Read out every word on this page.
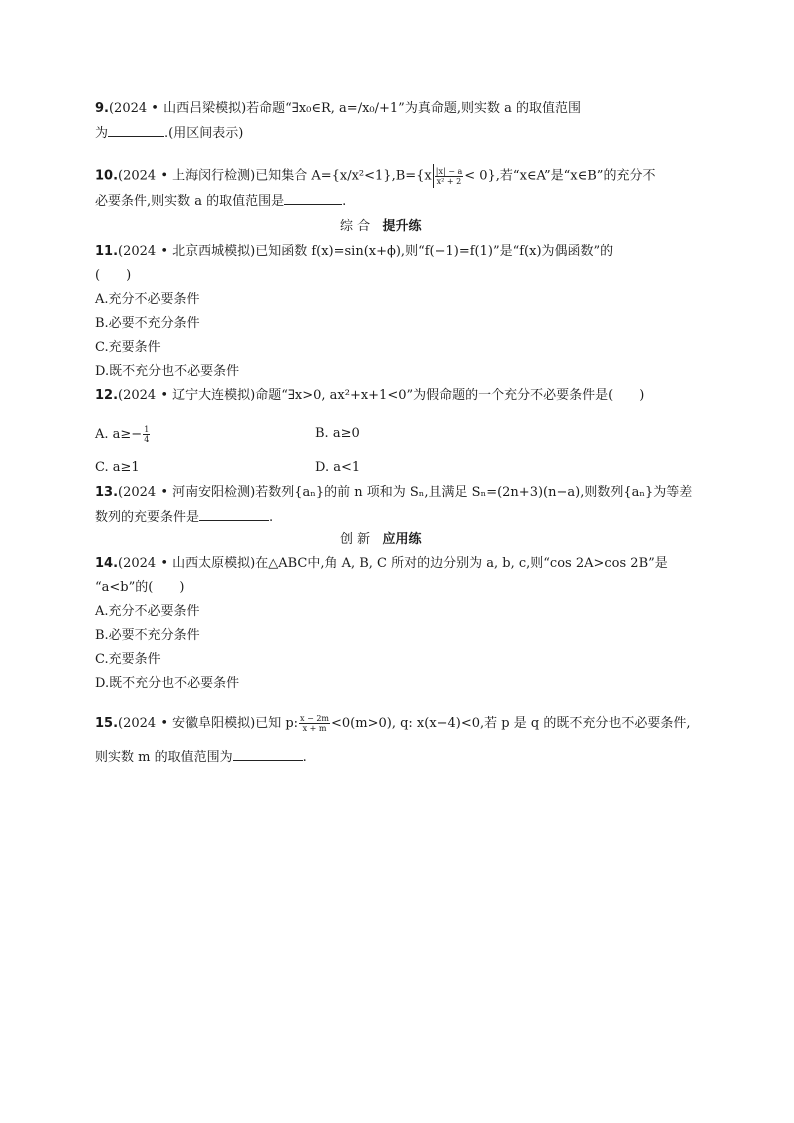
9.(2024 • 山西吕梁模拟)若命题“∃x₀∈R, a=/x₀/+1”为真命题,则实数 a 的取值范围
为	.(用区间表示)
10.(2024 • 上海闵行检测)已知集合 $A=\{x/x^2<1\},B=\{x \frac{|x| - a}{\text{x² + 2}} < 0\}$,若“x∈A”是“x∈B”的充分不
必要条件,则实数 a 的取值范围是	.
综 合 提升练
11.(2024 • 北京西城模拟)已知函数 f(x)=sin(x+ϕ),则“f(−1)=f(1)”是“f(x)为偶函数”的
(　　)
A.充分不必要条件
B.必要不充分条件
C.充要条件
D.既不充分也不必要条件
12.(2024 • 辽宁大连模拟)命题“∃x>0, ax²+x+1<0”为假命题的一个充分不必要条件是(　　)
A. $a\ge- \frac{1}{4}$	B. a≥0
C. a≥1	D. a<1
13.(2024 • 河南安阳检测)若数列{aₙ}的前 n 项和为 Sₙ,且满足 Sₙ=(2n+3)(n−a),则数列{aₙ}为等差
数列的充要条件是	.
创 新 应用练
14.(2024 • 山西太原模拟)在△ABC中,角 A, B, C 所对的边分别为 a, b, c,则“cos 2A>cos 2B”是
“a<b”的(　　)
A.充分不必要条件
B.必要不充分条件
C.充要条件
D.既不充分也不必要条件
15.(2024 • 安徽阜阳模拟)已知 p: $\frac{x - 2m}{x + m} <0(m>0)$, q: x(x−4)<0,若 p 是 q 的既不充分也不必要条件,
则实数 m 的取值范围为	.
